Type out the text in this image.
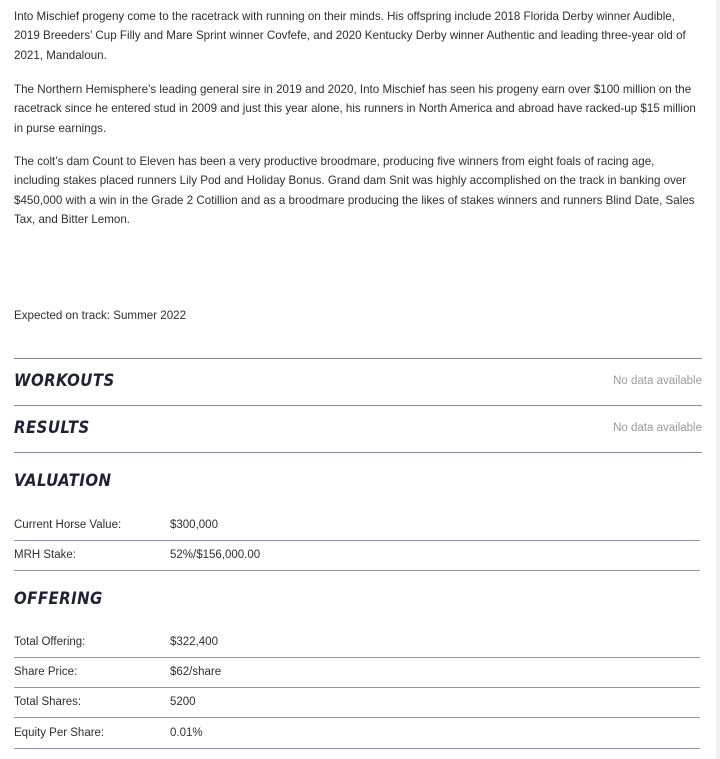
Into Mischief progeny come to the racetrack with running on their minds. His offspring include 2018 Florida Derby winner Audible, 2019 Breeders’ Cup Filly and Mare Sprint winner Covfefe, and 2020 Kentucky Derby winner Authentic and leading three-year old of 2021, Mandaloun.

The Northern Hemisphere’s leading general sire in 2019 and 2020, Into Mischief has seen his progeny earn over $100 million on the racetrack since he entered stud in 2009 and just this year alone, his runners in North America and abroad have racked-up $15 million in purse earnings.

The colt’s dam Count to Eleven has been a very productive broodmare, producing five winners from eight foals of racing age, including stakes placed runners Lily Pod and Holiday Bonus. Grand dam Snit was highly accomplished on the track in banking over $450,000 with a win in the Grade 2 Cotillion and as a broodmare producing the likes of stakes winners and runners Blind Date, Sales Tax, and Bitter Lemon.

Expected on track: Summer 2022
WORKOUTS	No data available
RESULTS	No data available
VALUATION
Current Horse Value:	$300,000
MRH Stake:	52%/$156,000.00
OFFERING
Total Offering:	$322,400
Share Price:	$62/share
Total Shares:	5200
Equity Per Share:	0.01%
